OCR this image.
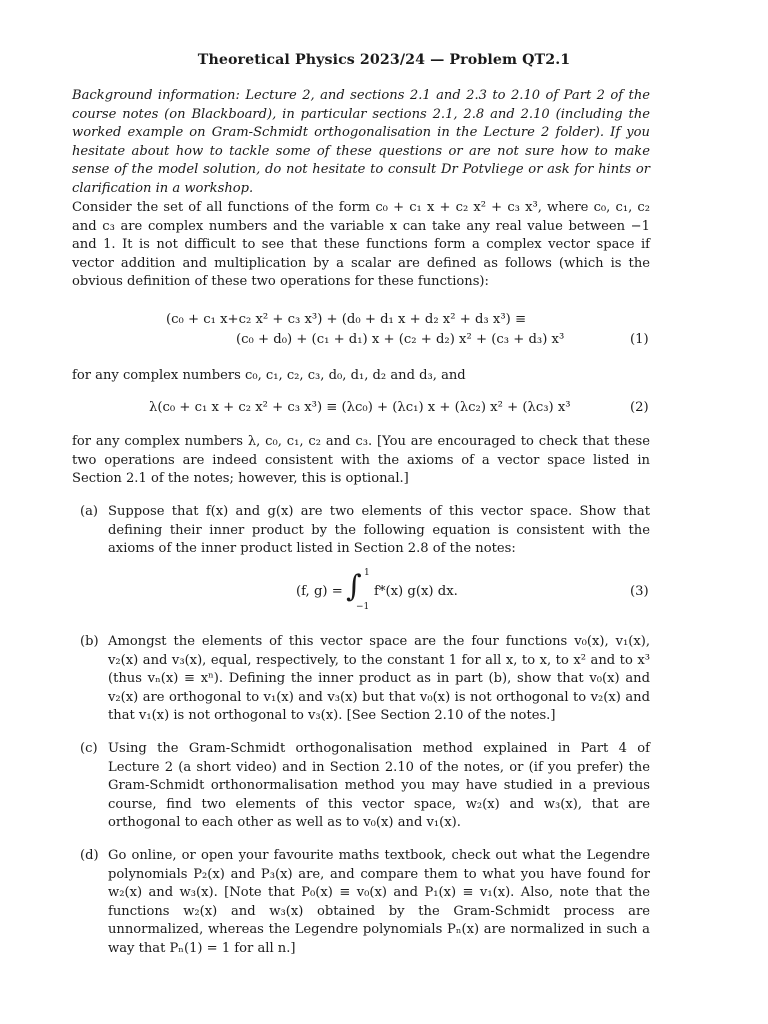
Theoretical Physics 2023/24 — Problem QT2.1
Background information: Lecture 2, and sections 2.1 and 2.3 to 2.10 of Part 2 of the course notes (on Blackboard), in particular sections 2.1, 2.8 and 2.10 (including the worked example on Gram-Schmidt orthogonalisation in the Lecture 2 folder). If you hesitate about how to tackle some of these questions or are not sure how to make sense of the model solution, do not hesitate to consult Dr Potvliege or ask for hints or clarification in a workshop.
Consider the set of all functions of the form c₀ + c₁ x + c₂ x² + c₃ x³, where c₀, c₁, c₂ and c₃ are complex numbers and the variable x can take any real value between −1 and 1. It is not difficult to see that these functions form a complex vector space if vector addition and multiplication by a scalar are defined as follows (which is the obvious definition of these two operations for these functions):
(c₀ + c₁ x+c₂ x² + c₃ x³) + (d₀ + d₁ x + d₂ x² + d₃ x³) ≡
(c₀ + d₀) + (c₁ + d₁) x + (c₂ + d₂) x² + (c₃ + d₃) x³	(1)
for any complex numbers c₀, c₁, c₂, c₃, d₀, d₁, d₂ and d₃, and
λ(c₀ + c₁ x + c₂ x² + c₃ x³) ≡ (λc₀) + (λc₁) x + (λc₂) x² + (λc₃) x³	(2)
for any complex numbers λ, c₀, c₁, c₂ and c₃. [You are encouraged to check that these two operations are indeed consistent with the axioms of a vector space listed in Section 2.1 of the notes; however, this is optional.]
(a) Suppose that f(x) and g(x) are two elements of this vector space. Show that defining their inner product by the following equation is consistent with the axioms of the inner product listed in Section 2.8 of the notes:
(f, g) = ∫ 1
−1
f*(x) g(x) dx.	(3)
(b) Amongst the elements of this vector space are the four functions v₀(x), v₁(x), v₂(x) and v₃(x), equal, respectively, to the constant 1 for all x, to x, to x² and to x³ (thus vₙ(x) ≡ xⁿ). Defining the inner product as in part (b), show that v₀(x) and v₂(x) are orthogonal to v₁(x) and v₃(x) but that v₀(x) is not orthogonal to v₂(x) and that v₁(x) is not orthogonal to v₃(x). [See Section 2.10 of the notes.]
(c) Using the Gram-Schmidt orthogonalisation method explained in Part 4 of Lecture 2 (a short video) and in Section 2.10 of the notes, or (if you prefer) the Gram-Schmidt orthonormalisation method you may have studied in a previous course, find two elements of this vector space, w₂(x) and w₃(x), that are orthogonal to each other as well as to v₀(x) and v₁(x).
(d) Go online, or open your favourite maths textbook, check out what the Legendre polynomials P₂(x) and P₃(x) are, and compare them to what you have found for w₂(x) and w₃(x). [Note that P₀(x) ≡ v₀(x) and P₁(x) ≡ v₁(x). Also, note that the functions w₂(x) and w₃(x) obtained by the Gram-Schmidt process are unnormalized, whereas the Legendre polynomials Pₙ(x) are normalized in such a way that Pₙ(1) = 1 for all n.]
